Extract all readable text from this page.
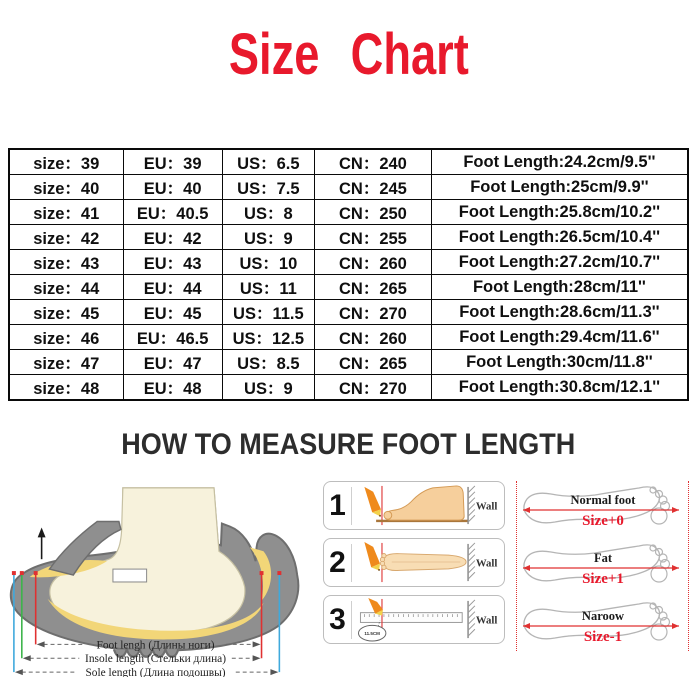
Size Chart
size：39	EU：39	US：6.5	CN：240	Foot Length:24.2cm/9.5''
size：40	EU：40	US：7.5	CN：245	Foot Length:25cm/9.9''
size：41	EU：40.5	US：8	CN：250	Foot Length:25.8cm/10.2''
size：42	EU：42	US：9	CN：255	Foot Length:26.5cm/10.4''
size：43	EU：43	US：10	CN：260	Foot Length:27.2cm/10.7''
size：44	EU：44	US：11	CN：265	Foot Length:28cm/11''
size：45	EU：45	US：11.5	CN：270	Foot Length:28.6cm/11.3''
size：46	EU：46.5	US：12.5	CN：260	Foot Length:29.4cm/11.6''
size：47	EU：47	US：8.5	CN：265	Foot Length:30cm/11.8''
size：48	EU：48	US：9	CN：270	Foot Length:30.8cm/12.1''
HOW TO MEASURE FOOT LENGTH
Foot lengh (Длины ноги)
Insole length (Стельки длина)
Sole length (Длина подошвы)
1	Wall
2	Wall
3	11.5CM
Wall
Normal foot
Size+0
Fat
Size+1
Naroow
Size-1
